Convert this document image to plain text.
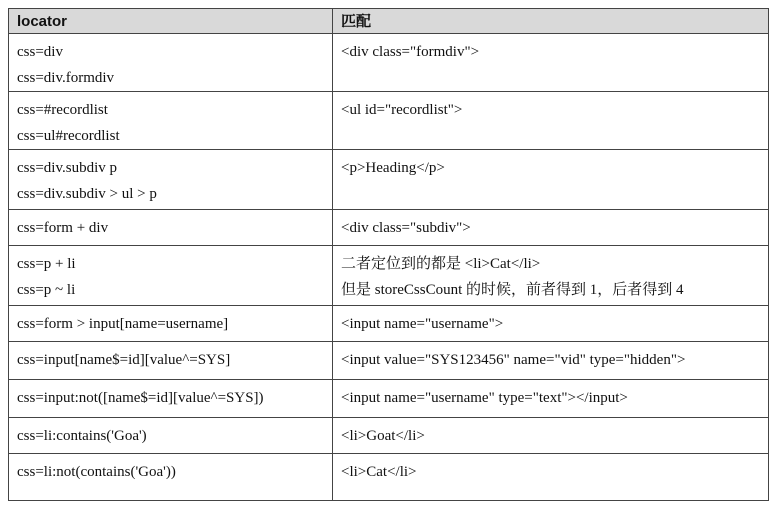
locator	匹配

css=div
css=div.formdiv	<div class="formdiv">

css=#recordlist
css=ul#recordlist	<ul id="recordlist">

css=div.subdiv p
css=div.subdiv > ul > p	<p>Heading</p>

css=form + div	<div class="subdiv">

css=p + li
css=p ~ li	二者定位到的都是 <li>Cat</li>
但是 storeCssCount 的时候，前者得到 1，后者得到 4

css=form > input[name=username]	<input name="username">

css=input[name$=id][value^=SYS]	<input value="SYS123456" name="vid" type="hidden">

css=input:not([name$=id][value^=SYS])	<input name="username" type="text"></input>

css=li:contains('Goa')	<li>Goat</li>

css=li:not(contains('Goa'))	<li>Cat</li>
